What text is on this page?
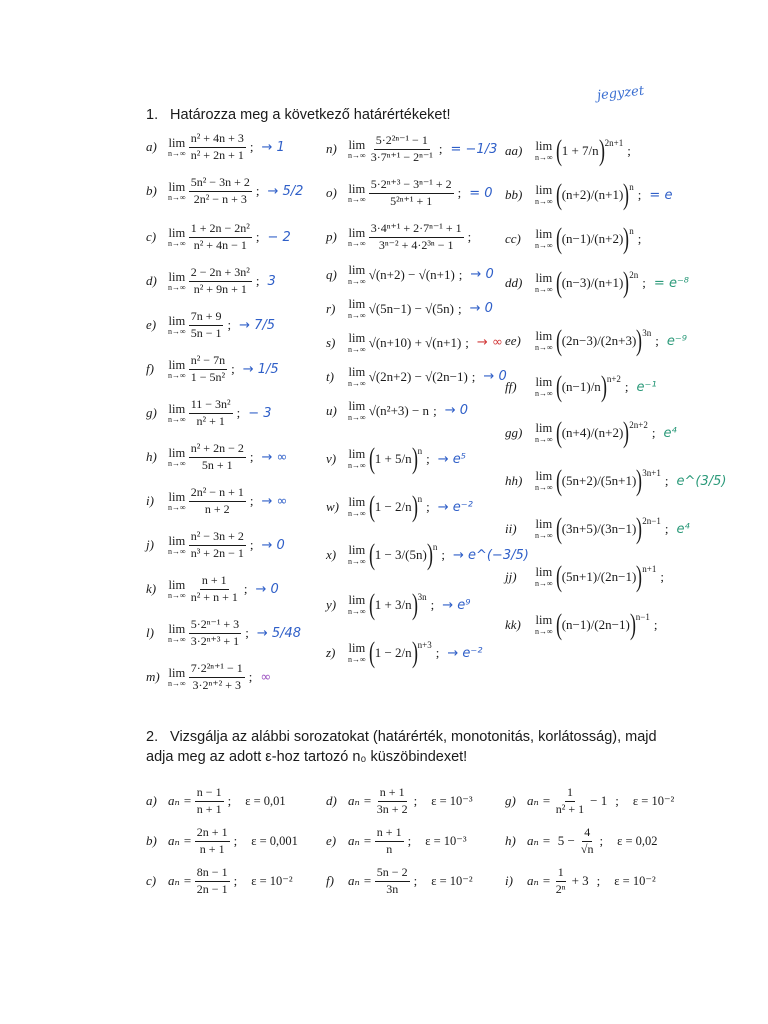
jegyzet
1. Határozza meg a következő határértékeket!
a) lim
$n\to\infty \frac{\text{n² + 4n + 3}}{\text{n² + 2n + 1}}$ ; → 1
b) lim
$n\to\infty \frac{\text{5n² − 3n + 2}}{\text{2n² − n + 3}}$ ; → 5/2
c) lim
$n\to\infty \frac{\text{1 + 2n − 2n²}}{\text{n² + 4n − 1}}$ ; − 2
d) lim
$n\to\infty \frac{\text{2 − 2n + 3n²}}{\text{n² + 9n + 1}}$ ; 3
e) lim
$n\to\infty \frac{7n + 9}{5n - 1}$ ; → 7/5
f)	lim
$n\to\infty \frac{\text{n² − 7n}}{\text{1 − 5n²}}$ ; → 1/5
g) lim
$n\to\infty \frac{\text{11 − 3n²}}{\text{n² + 1}}$ ; − 3
h) lim
$n\to\infty \frac{\text{n² + 2n − 2}}{5n + 1}$ ; → ∞
i)	lim
$n\to\infty \frac{\text{2n² − n + 1}}{n + 2}$ ; → ∞
j)	lim
$n\to\infty \frac{\text{n² − 3n + 2}}{\text{n³ + 2n − 1}}$ ; → 0
k) lim
$n\to\infty \frac{n + 1}{\text{n² + n + 1}}$ ; → 0
l)	lim
$n\to\infty \frac{\text{5·2ⁿ⁻¹ + 3}}{\text{3·2ⁿ⁺³ + 1}}$ ; → 5/48
m) lim
$n\to\infty \frac{\text{7·2²ⁿ⁺¹ − 1}}{\text{3·2ⁿ⁺² + 3}}$ ; ∞
n) lim
$n\to\infty \frac{\text{5·2²ⁿ⁻¹ − 1}}{\text{3·7ⁿ⁺¹ − 2ⁿ⁻¹}}$ ; = −1/3
o) lim
$n\to\infty \frac{\text{5·2ⁿ⁺³ − 3ⁿ⁻¹ + 2}}{\text{5²ⁿ⁺¹ + 1}}$ ; = 0
p) lim
$n\to\infty \frac{\text{3·4ⁿ⁺¹ + 2·7ⁿ⁻¹ + 1}}{\text{3ⁿ⁻² + 4·2³ⁿ − 1}}$ ;
q) lim
n→∞ √(n+2) − √(n+1) ; → 0
r)	lim
n→∞ √(5n−1) − √(5n) ; → 0
s)	lim
n→∞ √(n+10) + √(n+1) ; → ∞
t)	lim
n→∞ √(2n+2) − √(2n−1) ; → 0
u) lim
n→∞ √(n²+3) − n ; → 0
v) lim
n→∞ ( 1 + 5/n ) n ; → e⁵
w) lim
n→∞ ( 1 − 2/n ) n ; → e⁻²
x) lim
n→∞ ( 1 − 3/(5n) ) n ; → e^(−3/5)
y) lim
n→∞ ( 1 + 3/n ) 3n ; → e⁹
z)	lim
n→∞ ( 1 − 2/n ) n+3 ; → e⁻²
aa)	lim
n→∞ ( 1 + 7/n ) 2n+1 ;
bb)	lim
n→∞ ( (n+2)/(n+1) ) n ; = e
cc)	lim
n→∞ ( (n−1)/(n+2) ) n ;
dd)	lim
n→∞ ( (n−3)/(n+1) ) 2n ; = e⁻⁸
ee)	lim
n→∞ ( (2n−3)/(2n+3) ) 3n ; e⁻⁹
ff)	lim
n→∞ ( (n−1)/n ) n+2 ; e⁻¹
gg)	lim
n→∞ ( (n+4)/(n+2) ) 2n+2 ; e⁴
hh)	lim
n→∞ ( (5n+2)/(5n+1) ) 3n+1 ; e^(3/5)
ii)	lim
n→∞ ( (3n+5)/(3n−1) ) 2n−1 ; e⁴
jj)	lim
n→∞ ( (5n+1)/(2n−1) ) n+1 ;
kk)	lim
n→∞ ( (n−1)/(2n−1) ) n−1 ;
2. Vizsgálja az alábbi sorozatokat (határérték, monotonitás, korlátosság), majd adja meg az adott ε-hoz tartozó n₀ küszöbindexet!
a) $a_n = \frac{n - 1}{n + 1}$ ; ε = 0,01
b) $a_n = \frac{2n + 1}{n + 1}$ ; ε = 0,001
c) $a_n = \frac{8n - 1}{2n - 1}$ ; ε = 10⁻²
d) $a_n = \frac{n + 1}{3n + 2}$ ; ε = 10⁻³
e) $a_n = \frac{n + 1}{n}$ ; ε = 10⁻³
f)	$a_n = \frac{5n - 2}{3n}$ ; ε = 10⁻²
g) $a_n = \frac{1}{\text{n² + 1}} - 1$ ; ε = 10⁻²
h) $a_n = 5 - \frac{4}{√n}$ ; ε = 0,02
i)	$a_n = \frac{1}{\text{2ⁿ}} + 3$ ; ε = 10⁻²
